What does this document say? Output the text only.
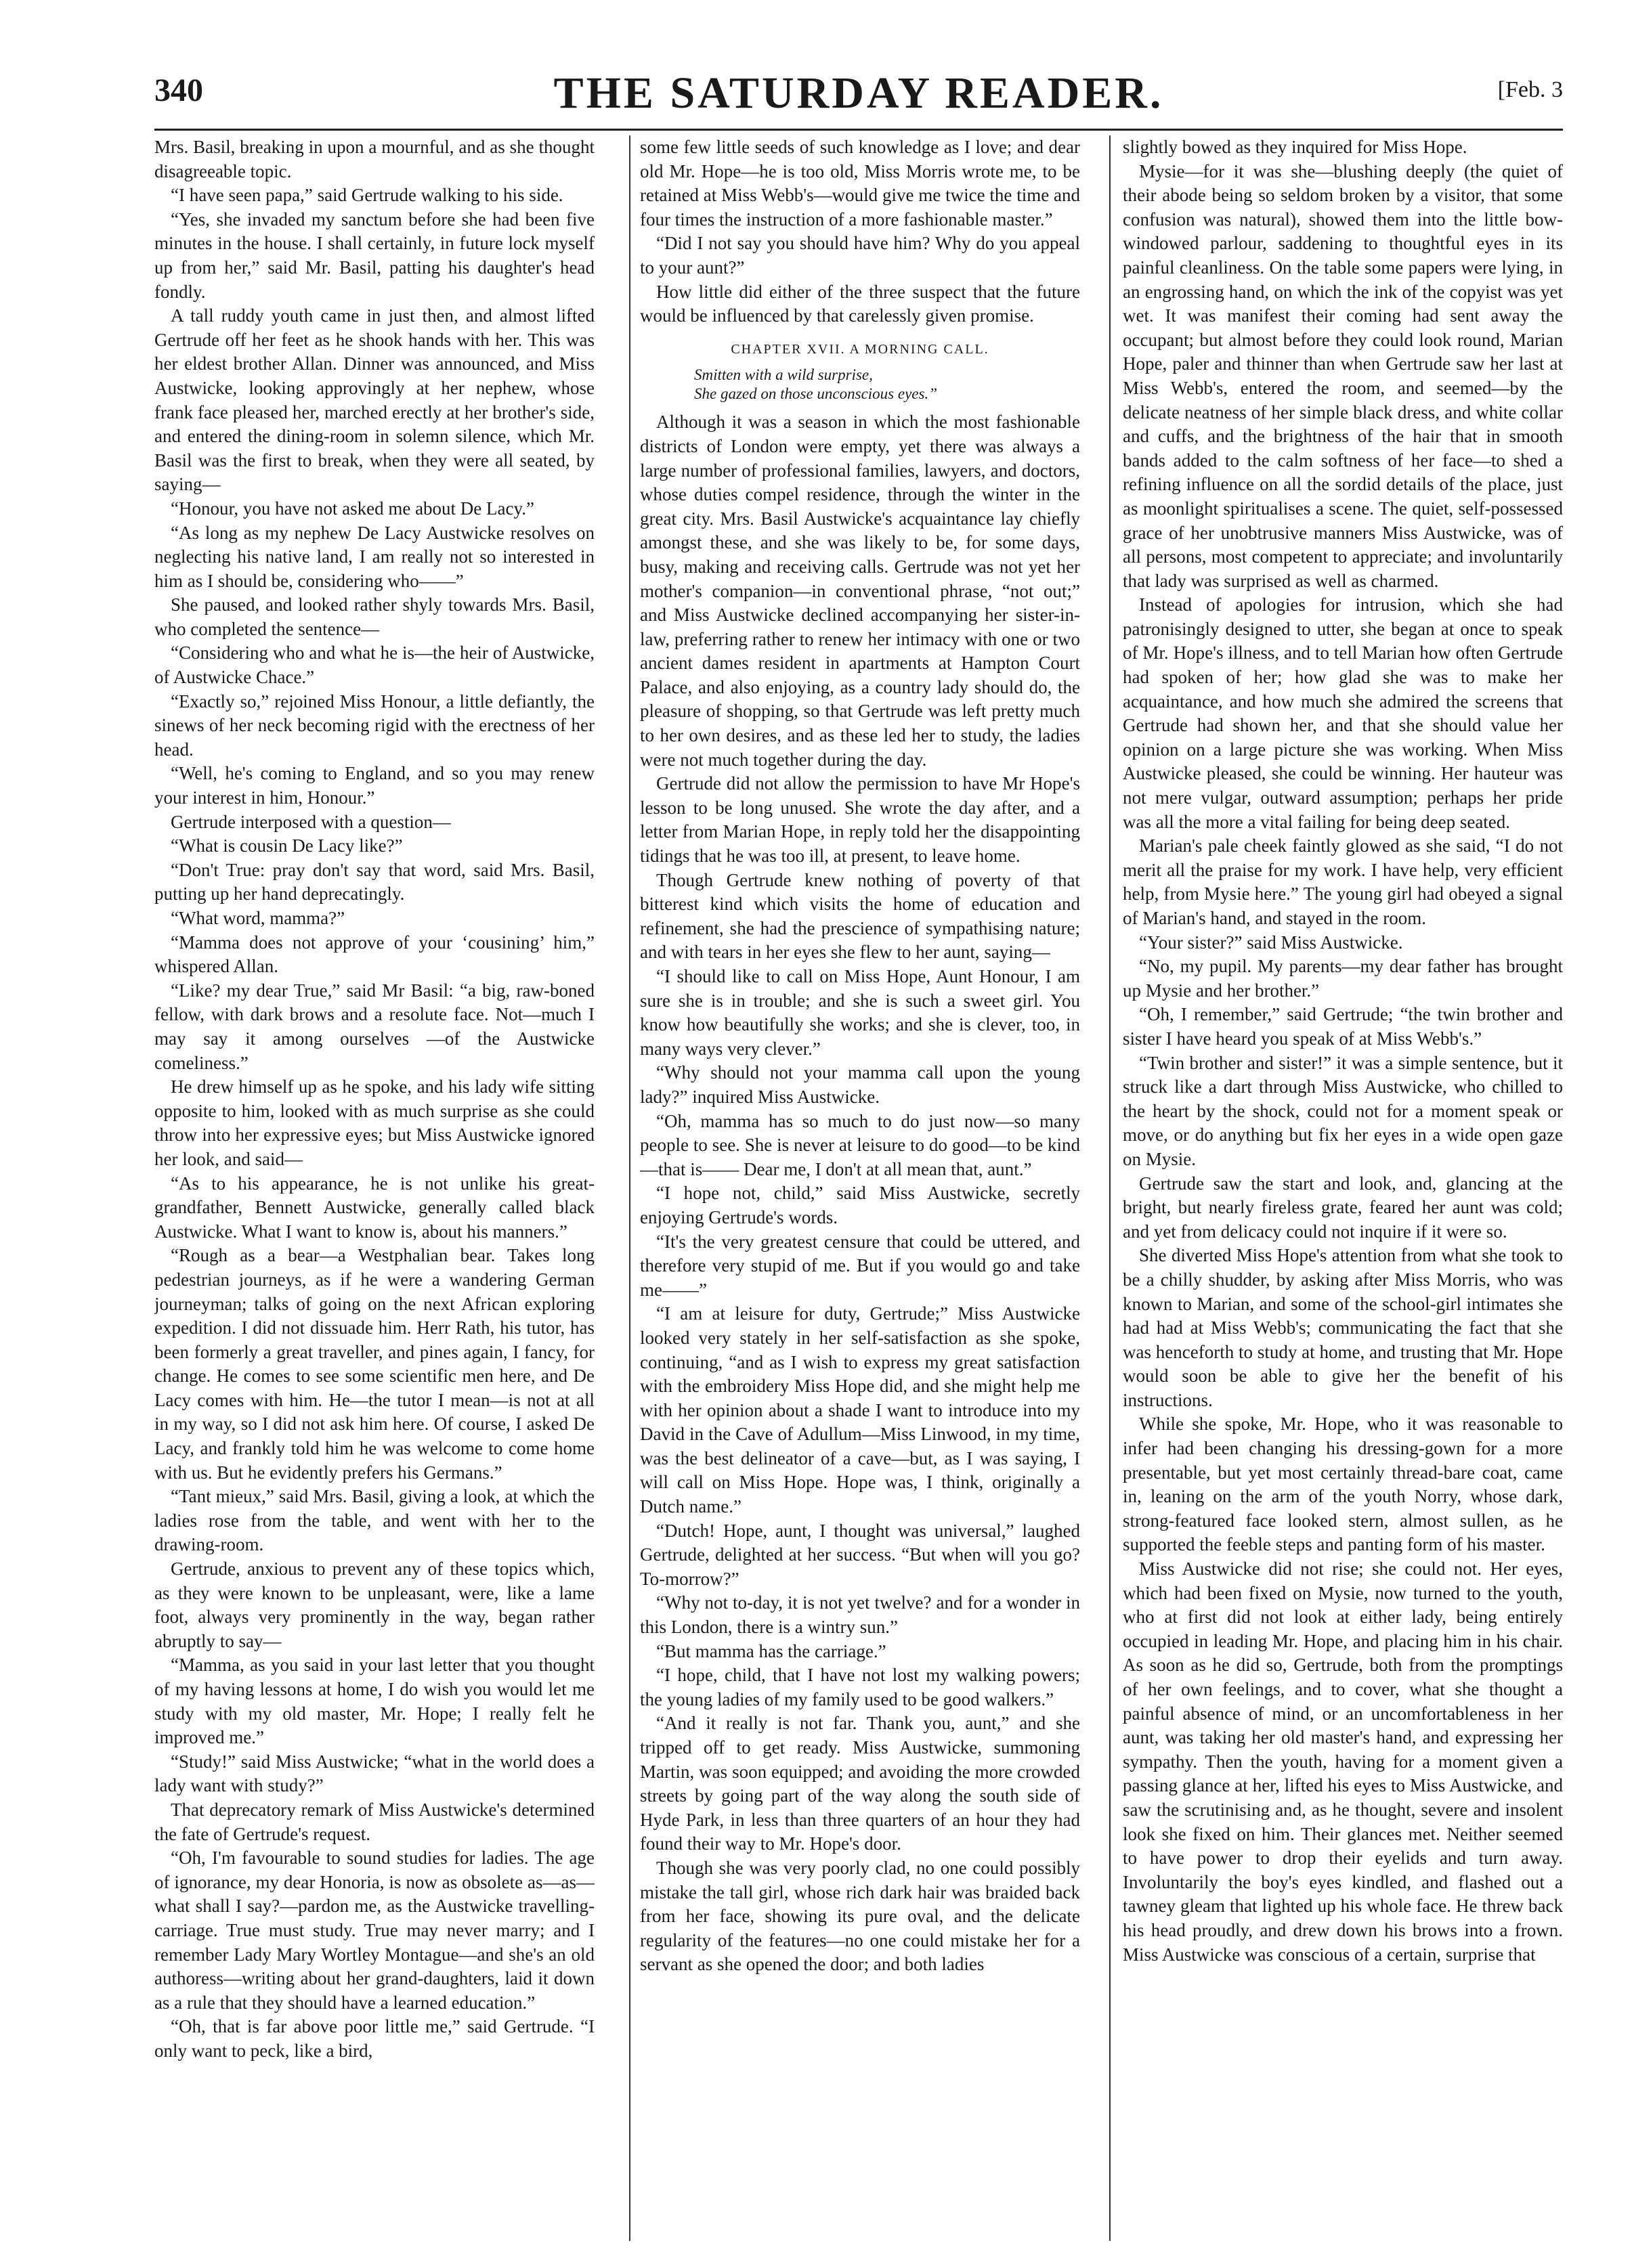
340	THE SATURDAY READER.	[Feb. 3

Mrs. Basil, breaking in upon a mournful, and as she thought disagreeable topic.

“I have seen papa,” said Gertrude walking to his side.

“Yes, she invaded my sanctum before she had been five minutes in the house. I shall certainly, in future lock myself up from her,” said Mr. Basil, patting his daughter's head fondly.

A tall ruddy youth came in just then, and almost lifted Gertrude off her feet as he shook hands with her. This was her eldest brother Allan. Dinner was announced, and Miss Austwicke, looking approvingly at her nephew, whose frank face pleased her, marched erectly at her brother's side, and entered the dining-room in solemn silence, which Mr. Basil was the first to break, when they were all seated, by saying—

“Honour, you have not asked me about De Lacy.”

“As long as my nephew De Lacy Austwicke resolves on neglecting his native land, I am really not so interested in him as I should be, considering who——”

She paused, and looked rather shyly towards Mrs. Basil, who completed the sentence—

“Considering who and what he is—the heir of Austwicke, of Austwicke Chace.”

“Exactly so,” rejoined Miss Honour, a little defiantly, the sinews of her neck becoming rigid with the erectness of her head.

“Well, he's coming to England, and so you may renew your interest in him, Honour.”

Gertrude interposed with a question—

“What is cousin De Lacy like?”

“Don't True: pray don't say that word, said Mrs. Basil, putting up her hand deprecatingly.

“What word, mamma?”

“Mamma does not approve of your ‘cousining’ him,” whispered Allan.

“Like? my dear True,” said Mr Basil: “a big, raw-boned fellow, with dark brows and a resolute face. Not—much I may say it among ourselves —of the Austwicke comeliness.”

He drew himself up as he spoke, and his lady wife sitting opposite to him, looked with as much surprise as she could throw into her expressive eyes; but Miss Austwicke ignored her look, and said—

“As to his appearance, he is not unlike his great-grandfather, Bennett Austwicke, generally called black Austwicke. What I want to know is, about his manners.”

“Rough as a bear—a Westphalian bear. Takes long pedestrian journeys, as if he were a wandering German journeyman; talks of going on the next African exploring expedition. I did not dissuade him. Herr Rath, his tutor, has been formerly a great traveller, and pines again, I fancy, for change. He comes to see some scientific men here, and De Lacy comes with him. He—the tutor I mean—is not at all in my way, so I did not ask him here. Of course, I asked De Lacy, and frankly told him he was welcome to come home with us. But he evidently prefers his Germans.”

“Tant mieux,” said Mrs. Basil, giving a look, at which the ladies rose from the table, and went with her to the drawing-room.

Gertrude, anxious to prevent any of these topics which, as they were known to be unpleasant, were, like a lame foot, always very prominently in the way, began rather abruptly to say—

“Mamma, as you said in your last letter that you thought of my having lessons at home, I do wish you would let me study with my old master, Mr. Hope; I really felt he improved me.”

“Study!” said Miss Austwicke; “what in the world does a lady want with study?”

That deprecatory remark of Miss Austwicke's determined the fate of Gertrude's request.

“Oh, I'm favourable to sound studies for ladies. The age of ignorance, my dear Honoria, is now as obsolete as—as—what shall I say?—pardon me, as the Austwicke travelling-carriage. True must study. True may never marry; and I remember Lady Mary Wortley Montague—and she's an old authoress—writing about her grand-daughters, laid it down as a rule that they should have a learned education.”

“Oh, that is far above poor little me,” said Gertrude. “I only want to peck, like a bird,

some few little seeds of such knowledge as I love; and dear old Mr. Hope—he is too old, Miss Morris wrote me, to be retained at Miss Webb's—would give me twice the time and four times the instruction of a more fashionable master.”

“Did I not say you should have him? Why do you appeal to your aunt?”

How little did either of the three suspect that the future would be influenced by that carelessly given promise.

CHAPTER XVII. A MORNING CALL.

Smitten with a wild surprise,

She gazed on those unconscious eyes.”

Although it was a season in which the most fashionable districts of London were empty, yet there was always a large number of professional families, lawyers, and doctors, whose duties compel residence, through the winter in the great city. Mrs. Basil Austwicke's acquaintance lay chiefly amongst these, and she was likely to be, for some days, busy, making and receiving calls. Gertrude was not yet her mother's companion—in conventional phrase, “not out;” and Miss Austwicke declined accompanying her sister-in-law, preferring rather to renew her intimacy with one or two ancient dames resident in apartments at Hampton Court Palace, and also enjoying, as a country lady should do, the pleasure of shopping, so that Gertrude was left pretty much to her own desires, and as these led her to study, the ladies were not much together during the day.

Gertrude did not allow the permission to have Mr Hope's lesson to be long unused. She wrote the day after, and a letter from Marian Hope, in reply told her the disappointing tidings that he was too ill, at present, to leave home.

Though Gertrude knew nothing of poverty of that bitterest kind which visits the home of education and refinement, she had the prescience of sympathising nature; and with tears in her eyes she flew to her aunt, saying—

“I should like to call on Miss Hope, Aunt Honour, I am sure she is in trouble; and she is such a sweet girl. You know how beautifully she works; and she is clever, too, in many ways very clever.”

“Why should not your mamma call upon the young lady?” inquired Miss Austwicke.

“Oh, mamma has so much to do just now—so many people to see. She is never at leisure to do good—to be kind—that is—— Dear me, I don't at all mean that, aunt.”

“I hope not, child,” said Miss Austwicke, secretly enjoying Gertrude's words.

“It's the very greatest censure that could be uttered, and therefore very stupid of me. But if you would go and take me——”

“I am at leisure for duty, Gertrude;” Miss Austwicke looked very stately in her self-satisfaction as she spoke, continuing, “and as I wish to express my great satisfaction with the embroidery Miss Hope did, and she might help me with her opinion about a shade I want to introduce into my David in the Cave of Adullum—Miss Linwood, in my time, was the best delineator of a cave—but, as I was saying, I will call on Miss Hope. Hope was, I think, originally a Dutch name.”

“Dutch! Hope, aunt, I thought was universal,” laughed Gertrude, delighted at her success. “But when will you go? To-morrow?”

“Why not to-day, it is not yet twelve? and for a wonder in this London, there is a wintry sun.”

“But mamma has the carriage.”

“I hope, child, that I have not lost my walking powers; the young ladies of my family used to be good walkers.”

“And it really is not far. Thank you, aunt,” and she tripped off to get ready. Miss Austwicke, summoning Martin, was soon equipped; and avoiding the more crowded streets by going part of the way along the south side of Hyde Park, in less than three quarters of an hour they had found their way to Mr. Hope's door.

Though she was very poorly clad, no one could possibly mistake the tall girl, whose rich dark hair was braided back from her face, showing its pure oval, and the delicate regularity of the features—no one could mistake her for a servant as she opened the door; and both ladies

slightly bowed as they inquired for Miss Hope.

Mysie—for it was she—blushing deeply (the quiet of their abode being so seldom broken by a visitor, that some confusion was natural), showed them into the little bow-windowed parlour, saddening to thoughtful eyes in its painful cleanliness. On the table some papers were lying, in an engrossing hand, on which the ink of the copyist was yet wet. It was manifest their coming had sent away the occupant; but almost before they could look round, Marian Hope, paler and thinner than when Gertrude saw her last at Miss Webb's, entered the room, and seemed—by the delicate neatness of her simple black dress, and white collar and cuffs, and the brightness of the hair that in smooth bands added to the calm softness of her face—to shed a refining influence on all the sordid details of the place, just as moonlight spiritualises a scene. The quiet, self-possessed grace of her unobtrusive manners Miss Austwicke, was of all persons, most competent to appreciate; and involuntarily that lady was surprised as well as charmed.

Instead of apologies for intrusion, which she had patronisingly designed to utter, she began at once to speak of Mr. Hope's illness, and to tell Marian how often Gertrude had spoken of her; how glad she was to make her acquaintance, and how much she admired the screens that Gertrude had shown her, and that she should value her opinion on a large picture she was working. When Miss Austwicke pleased, she could be winning. Her hauteur was not mere vulgar, outward assumption; perhaps her pride was all the more a vital failing for being deep seated.

Marian's pale cheek faintly glowed as she said, “I do not merit all the praise for my work. I have help, very efficient help, from Mysie here.” The young girl had obeyed a signal of Marian's hand, and stayed in the room.

“Your sister?” said Miss Austwicke.

“No, my pupil. My parents—my dear father has brought up Mysie and her brother.”

“Oh, I remember,” said Gertrude; “the twin brother and sister I have heard you speak of at Miss Webb's.”

“Twin brother and sister!” it was a simple sentence, but it struck like a dart through Miss Austwicke, who chilled to the heart by the shock, could not for a moment speak or move, or do anything but fix her eyes in a wide open gaze on Mysie.

Gertrude saw the start and look, and, glancing at the bright, but nearly fireless grate, feared her aunt was cold; and yet from delicacy could not inquire if it were so.

She diverted Miss Hope's attention from what she took to be a chilly shudder, by asking after Miss Morris, who was known to Marian, and some of the school-girl intimates she had had at Miss Webb's; communicating the fact that she was henceforth to study at home, and trusting that Mr. Hope would soon be able to give her the benefit of his instructions.

While she spoke, Mr. Hope, who it was reasonable to infer had been changing his dressing-gown for a more presentable, but yet most certainly thread-bare coat, came in, leaning on the arm of the youth Norry, whose dark, strong-featured face looked stern, almost sullen, as he supported the feeble steps and panting form of his master.

Miss Austwicke did not rise; she could not. Her eyes, which had been fixed on Mysie, now turned to the youth, who at first did not look at either lady, being entirely occupied in leading Mr. Hope, and placing him in his chair. As soon as he did so, Gertrude, both from the promptings of her own feelings, and to cover, what she thought a painful absence of mind, or an uncomfortableness in her aunt, was taking her old master's hand, and expressing her sympathy. Then the youth, having for a moment given a passing glance at her, lifted his eyes to Miss Austwicke, and saw the scrutinising and, as he thought, severe and insolent look she fixed on him. Their glances met. Neither seemed to have power to drop their eyelids and turn away. Involuntarily the boy's eyes kindled, and flashed out a tawney gleam that lighted up his whole face. He threw back his head proudly, and drew down his brows into a frown. Miss Austwicke was conscious of a certain, surprise that
